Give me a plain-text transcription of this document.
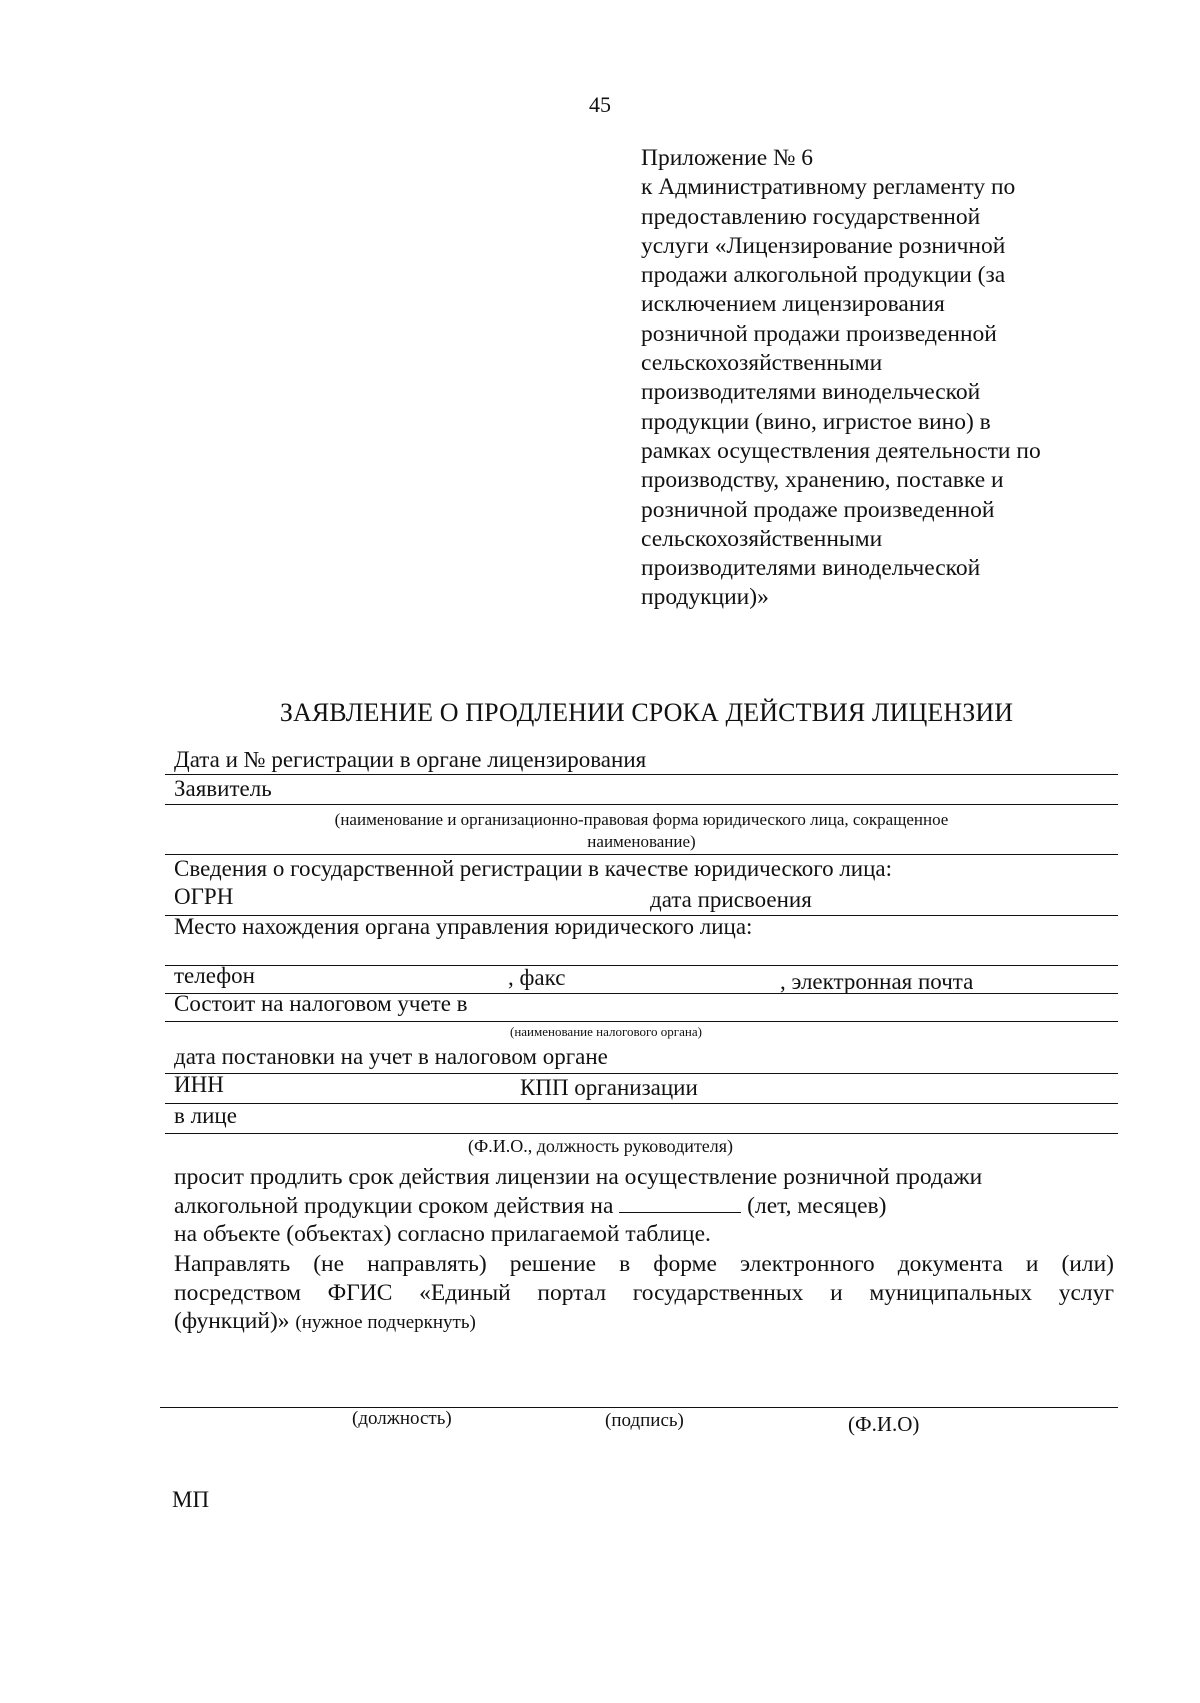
45
Приложение № 6
к Административному регламенту по
предоставлению государственной
услуги «Лицензирование розничной
продажи алкогольной продукции (за
исключением лицензирования
розничной продажи произведенной
сельскохозяйственными
производителями винодельческой
продукции (вино, игристое вино) в
рамках осуществления деятельности по
производству, хранению, поставке и
розничной продаже произведенной
сельскохозяйственными
производителями винодельческой
продукции)»
ЗАЯВЛЕНИЕ О ПРОДЛЕНИИ СРОКА ДЕЙСТВИЯ ЛИЦЕНЗИИ
Дата и № регистрации в органе лицензирования
Заявитель
(наименование и организационно-правовая форма юридического лица, сокращенное
наименование)
Сведения о государственной регистрации в качестве юридического лица:
ОГРН	дата присвоения
Место нахождения органа управления юридического лица:
телефон	, факс	, электронная почта
Состоит на налоговом учете в
(наименование налогового органа)
дата постановки на учет в налоговом органе
ИНН	КПП организации
в лице
(Ф.И.О., должность руководителя)
просит продлить срок действия лицензии на осуществление розничной продажи
алкогольной продукции сроком действия на	(лет, месяцев)
на объекте (объектах) согласно прилагаемой таблице.
Направлять (не направлять) решение в форме электронного документа и (или)
посредством ФГИС «Единый портал государственных и муниципальных услуг
(функций)» (нужное подчеркнуть)
(должность)	(подпись)	(Ф.И.О)
МП
